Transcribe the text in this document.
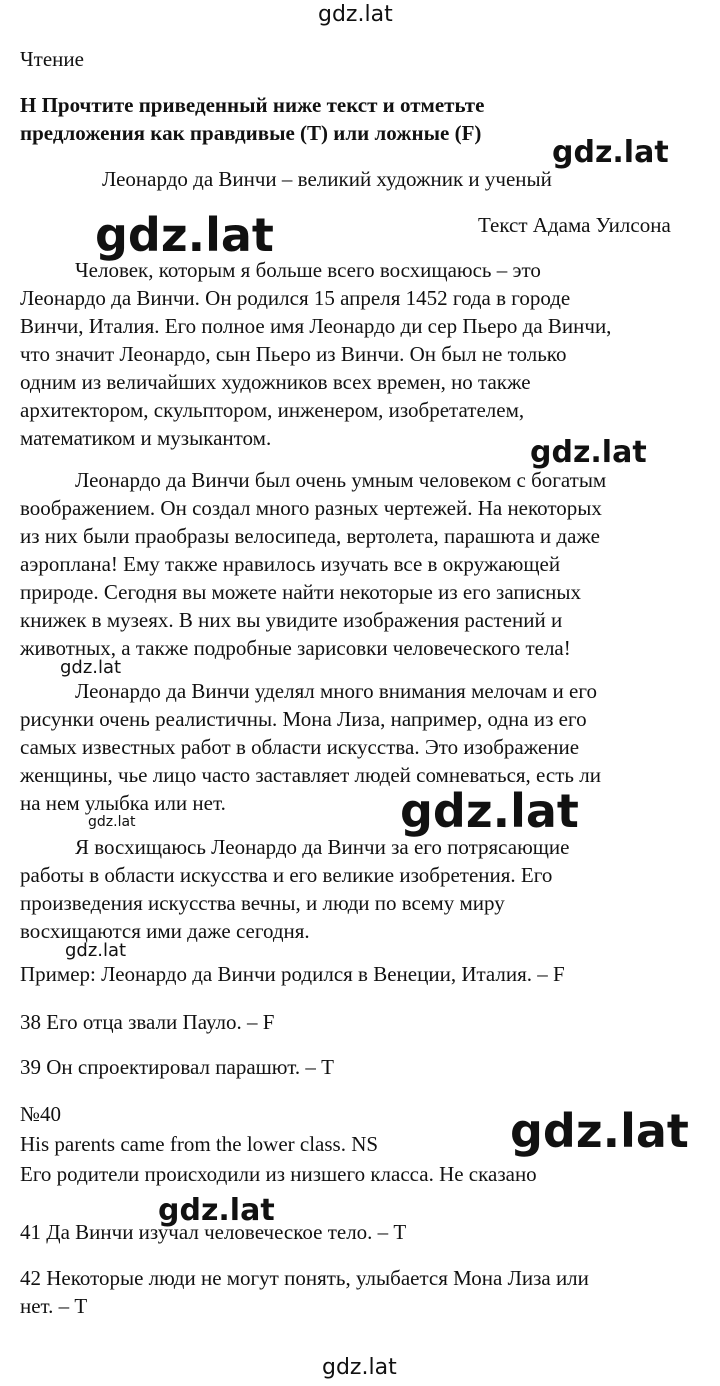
gdz.lat
gdz.lat
gdz.lat
gdz.lat
gdz.lat
gdz.lat	gdz.lat
gdz.lat
gdz.lat
gdz.lat
gdz.lat

Чтение

H Прочтите приведенный ниже текст и отметьте

предложения как правдивые (T) или ложные (F)

Леонардо да Винчи – великий художник и ученый

Текст Адама Уилсона

Человек, которым я больше всего восхищаюсь – это

Леонардо да Винчи. Он родился 15 апреля 1452 года в городе

Винчи, Италия. Его полное имя Леонардо ди сер Пьеро да Винчи,

что значит Леонардо, сын Пьеро из Винчи. Он был не только

одним из величайших художников всех времен, но также

архитектором, скульптором, инженером, изобретателем,

математиком и музыкантом.

Леонардо да Винчи был очень умным человеком с богатым

воображением. Он создал много разных чертежей. На некоторых

из них были праобразы велосипеда, вертолета, парашюта и даже

аэроплана! Ему также нравилось изучать все в окружающей

природе. Сегодня вы можете найти некоторые из его записных

книжек в музеях. В них вы увидите изображения растений и

животных, а также подробные зарисовки человеческого тела!

Леонардо да Винчи уделял много внимания мелочам и его

рисунки очень реалистичны. Мона Лиза, например, одна из его

самых известных работ в области искусства. Это изображение

женщины, чье лицо часто заставляет людей сомневаться, есть ли

на нем улыбка или нет.

Я восхищаюсь Леонардо да Винчи за его потрясающие

работы в области искусства и его великие изобретения. Его

произведения искусства вечны, и люди по всему миру

восхищаются ими даже сегодня.

Пример: Леонардо да Винчи родился в Венеции, Италия. – F

38 Его отца звали Пауло. – F

39 Он спроектировал парашют. – T

№40

His parents came from the lower class. NS

Его родители происходили из низшего класса. Не сказано

41 Да Винчи изучал человеческое тело. – T

42 Некоторые люди не могут понять, улыбается Мона Лиза или

нет. – T
